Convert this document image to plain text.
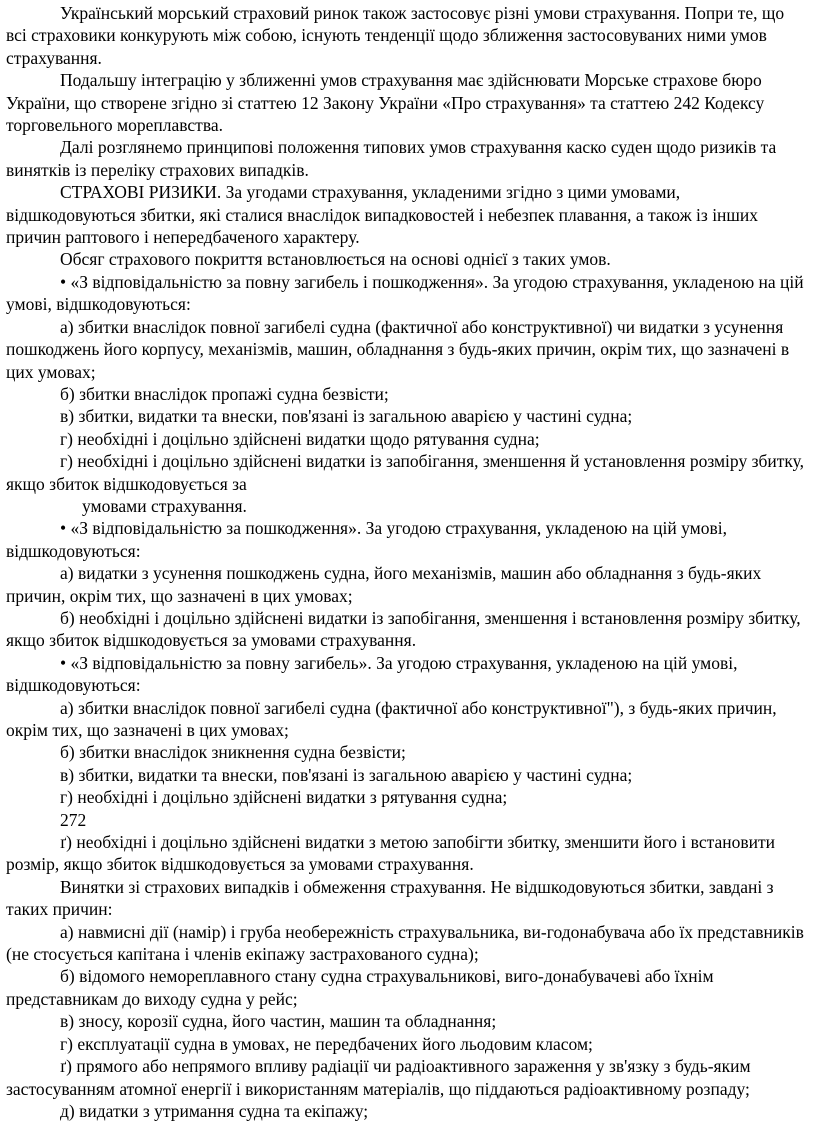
Український морський страховий ринок також застосовує різні умови страхування. Попри те, що всі страховики конкурують між собою, існують тенденції щодо зближення застосовуваних ними умов страхування.

Подальшу інтеграцію у зближенні умов страхування має здійснювати Морське страхове бюро України, що створене згідно зі статтею 12 Закону України «Про страхування» та статтею 242 Кодексу торговельного мореплавства.

Далі розглянемо принципові положення типових умов страхування каско суден щодо ризиків та винятків із переліку страхових випадків.

СТРАХОВІ РИЗИКИ. За угодами страхування, укладеними згідно з цими умовами, відшкодовуються збитки, які сталися внаслідок випадковостей і небезпек плавання, а також із інших причин раптового і непередбаченого характеру.

Обсяг страхового покриття встановлюється на основі однієї з таких умов.

• «З відповідальністю за повну загибель і пошкодження». За угодою страхування, укладеною на цій умові, відшкодовуються:

а) збитки внаслідок повної загибелі судна (фактичної або конструктивної) чи видатки з усунення пошкоджень його корпусу, механізмів, машин, обладнання з будь-яких причин, окрім тих, що зазначені в цих умовах;

б) збитки внаслідок пропажі судна безвісти;

в) збитки, видатки та внески, пов'язані із загальною аварією у частині судна;

г) необхідні і доцільно здійснені видатки щодо рятування судна;

г) необхідні і доцільно здійснені видатки із запобігання, зменшення й установлення розміру збитку, якщо збиток відшкодовується за

умовами страхування.

• «З відповідальністю за пошкодження». За угодою страхування, укладеною на цій умові, відшкодовуються:

а) видатки з усунення пошкоджень судна, його механізмів, машин або обладнання з будь-яких причин, окрім тих, що зазначені в цих умовах;

б) необхідні і доцільно здійснені видатки із запобігання, зменшення і встановлення розміру збитку, якщо збиток відшкодовується за умовами страхування.

• «З відповідальністю за повну загибель». За угодою страхування, укладеною на цій умові, відшкодовуються:

а) збитки внаслідок повної загибелі судна (фактичної або конструктивної"), з будь-яких причин, окрім тих, що зазначені в цих умовах;

б) збитки внаслідок зникнення судна безвісти;

в) збитки, видатки та внески, пов'язані із загальною аварією у частині судна;

г) необхідні і доцільно здійснені видатки з рятування судна;

272

ґ) необхідні і доцільно здійснені видатки з метою запобігти збитку, зменшити його і встановити розмір, якщо збиток відшкодовується за умовами страхування.

Винятки зі страхових випадків і обмеження страхування. Не відшкодовуються збитки, завдані з таких причин:

а) навмисні дії (намір) і груба необережність страхувальника, ви-годонабувача або їх представників (не стосується капітана і членів екіпажу застрахованого судна);

б) відомого немореплавного стану судна страхувальникові, виго-донабувачеві або їхнім представникам до виходу судна у рейс;

в) зносу, корозії судна, його частин, машин та обладнання;

г) експлуатації судна в умовах, не передбачених його льодовим класом;

ґ) прямого або непрямого впливу радіації чи радіоактивного зараження у зв'язку з будь-яким застосуванням атомної енергії і використанням матеріалів, що піддаються радіоактивному розпаду;

д) видатки з утримання судна та екіпажу;
